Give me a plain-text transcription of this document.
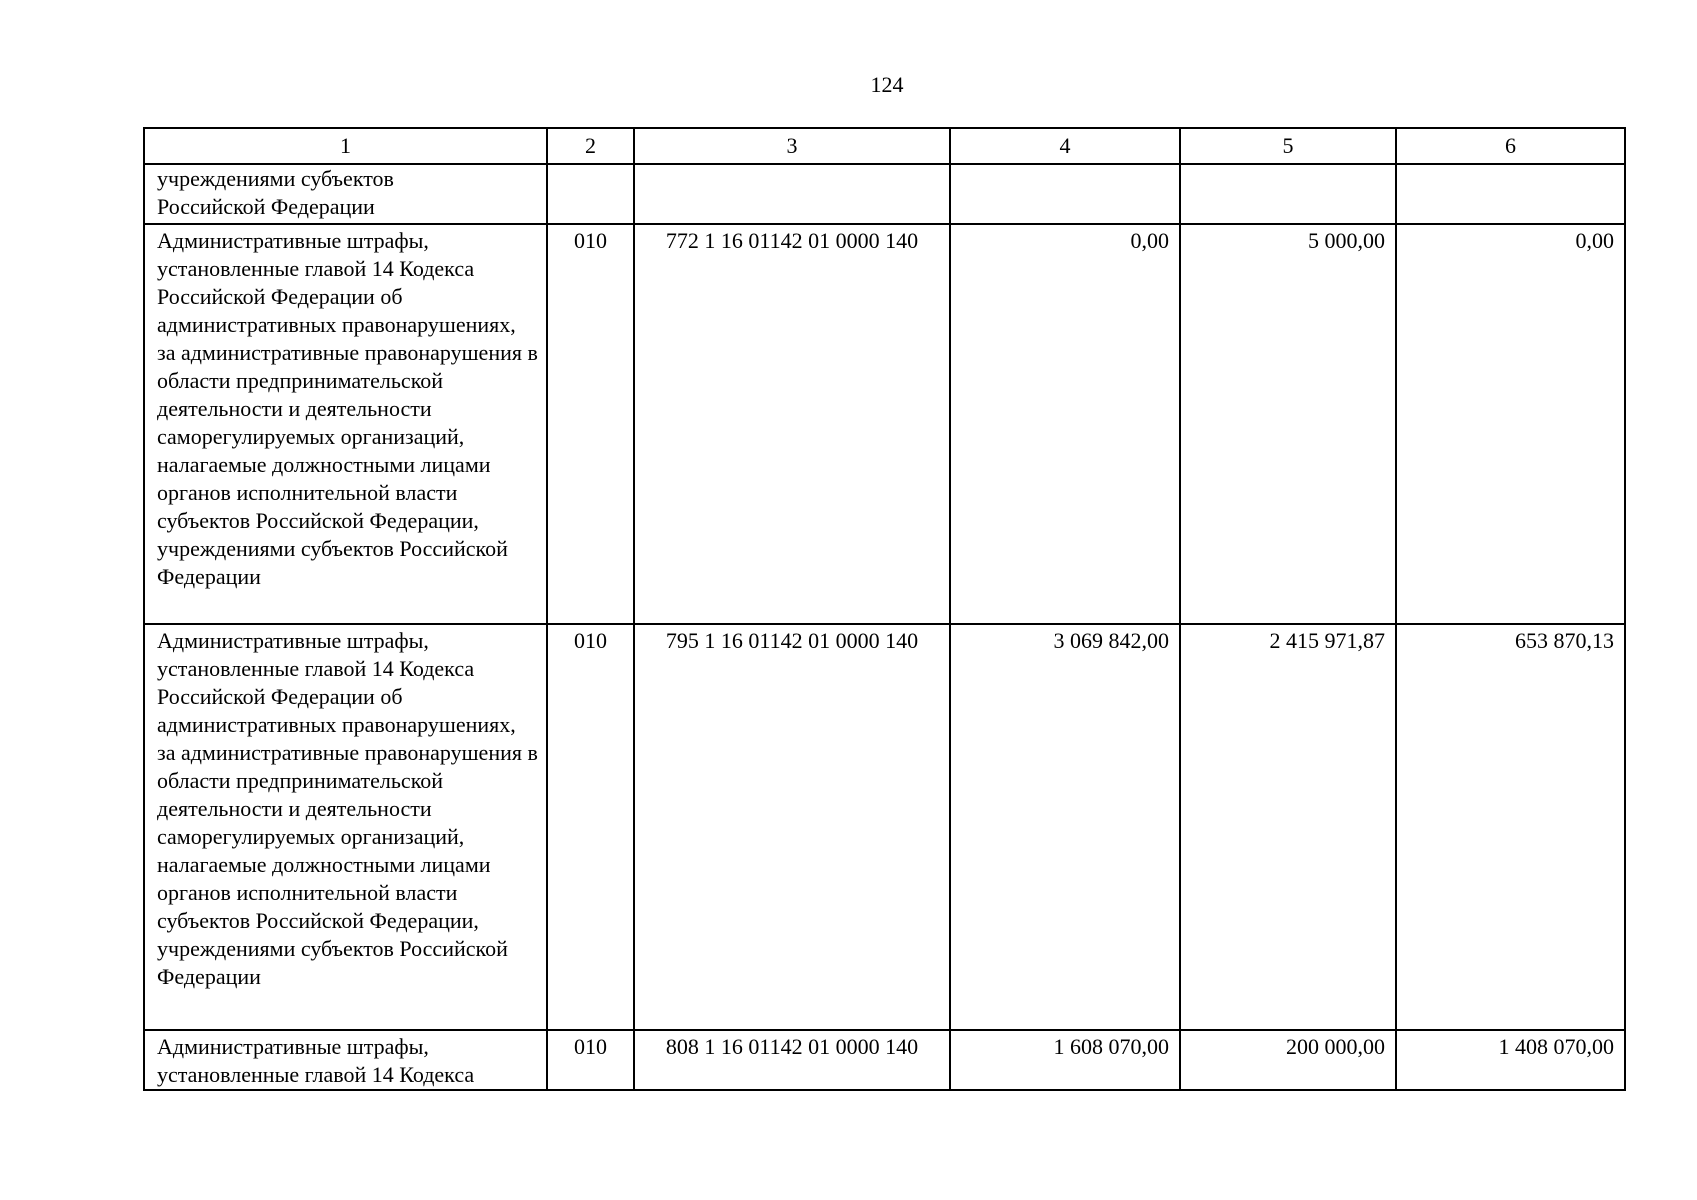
124
1	2	3	4	5	6

учреждениями субъектов Российской Федерации					

Административные штрафы, установленные главой 14 Кодекса Российской Федерации об административных правонарушениях, за административные правонарушения в области предпринимательской деятельности и деятельности саморегулируемых организаций, налагаемые должностными лицами органов исполнительной власти субъектов Российской Федерации, учреждениями субъектов Российской Федерации	010	772 1 16 01142 01 0000 140	0,00	5 000,00	0,00

Административные штрафы, установленные главой 14 Кодекса Российской Федерации об административных правонарушениях, за административные правонарушения в области предпринимательской деятельности и деятельности саморегулируемых организаций, налагаемые должностными лицами органов исполнительной власти субъектов Российской Федерации, учреждениями субъектов Российской Федерации	010	795 1 16 01142 01 0000 140	3 069 842,00	2 415 971,87	653 870,13

Административные штрафы, установленные главой 14 Кодекса	010	808 1 16 01142 01 0000 140	1 608 070,00	200 000,00	1 408 070,00
